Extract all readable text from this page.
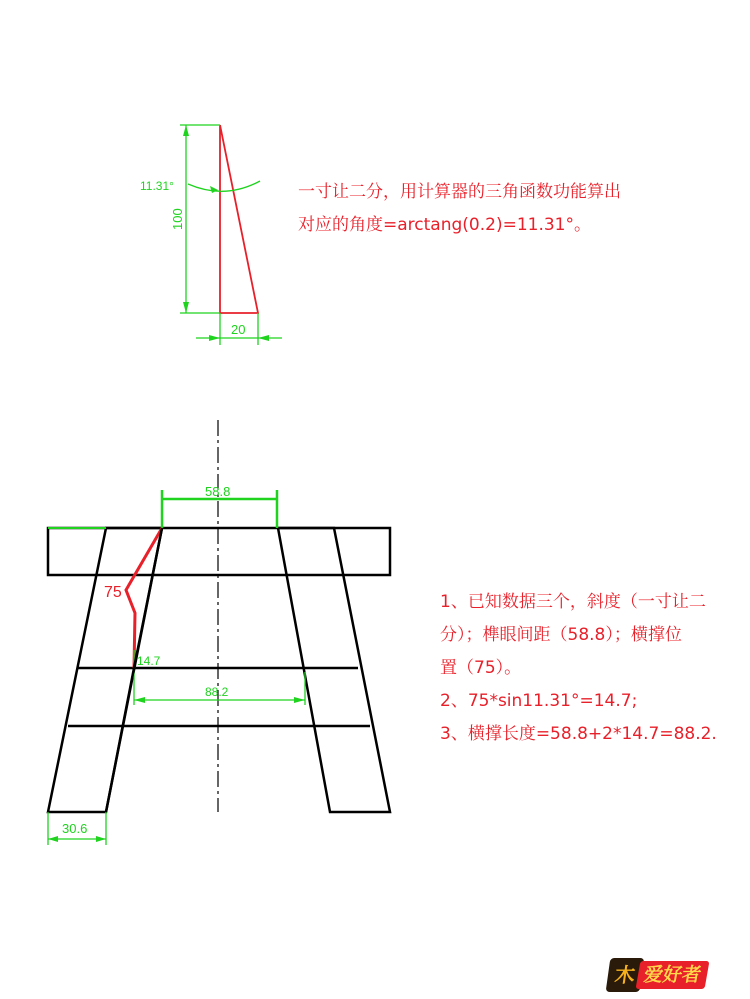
100
11.31°
20
58.8
75
14.7
88.2
30.6
一寸让二分，用计算器的三角函数功能算出
对应的角度=arctang(0.2)=11.31°。
1、已知数据三个，斜度（一寸让二
分）；榫眼间距（58.8）；横撑位
置（75）。
2、75*sin11.31°=14.7;
3、横撑长度=58.8+2*14.7=88.2.
木 爱好者
